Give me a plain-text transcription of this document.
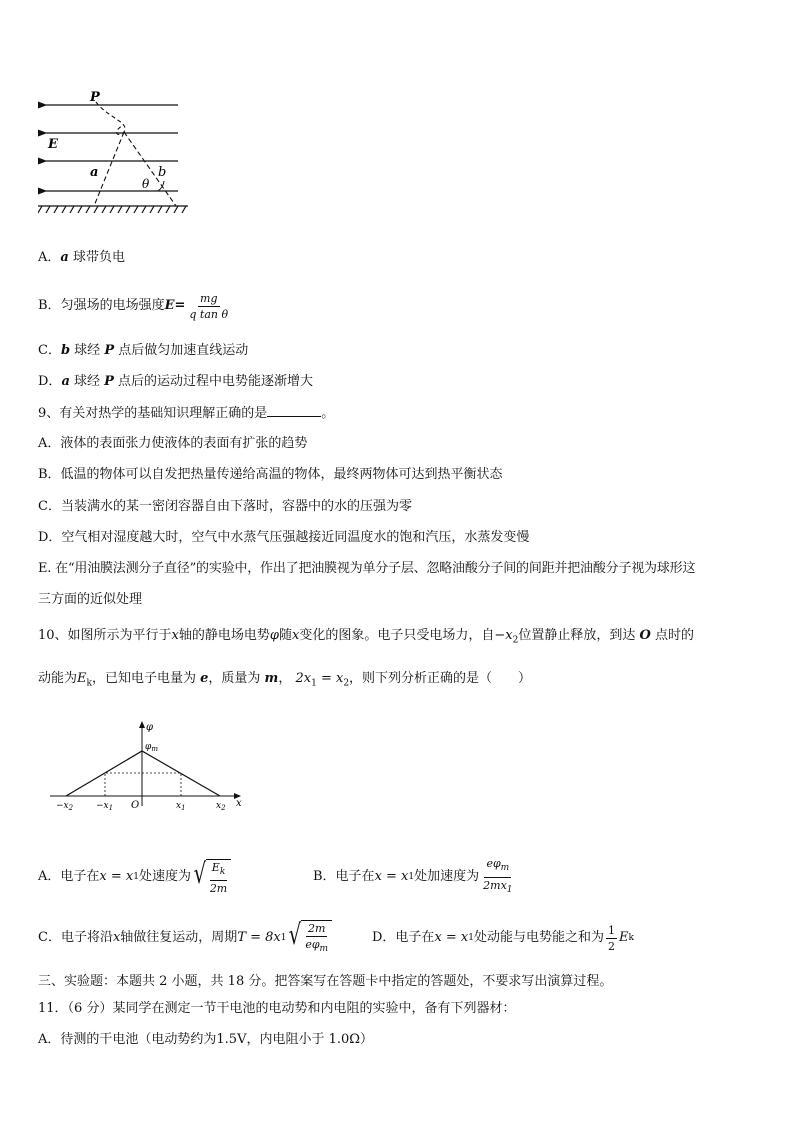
P
E
a	b
θ
A．a 球带负电
B． 匀强场的电场强度 $E= \frac{mg}{\text{q tan θ}}$
C．b 球经 P 点后做匀加速直线运动
D．a 球经 P 点后的运动过程中电势能逐渐增大
9、有关对热学的基础知识理解正确的是	。
A．液体的表面张力使液体的表面有扩张的趋势
B．低温的物体可以自发把热量传递给高温的物体，最终两物体可达到热平衡状态
C．当装满水的某一密闭容器自由下落时，容器中的水的压强为零
D．空气相对湿度越大时，空气中水蒸气压强越接近同温度水的饱和汽压，水蒸发变慢
E. 在“用油膜法测分子直径”的实验中，作出了把油膜视为单分子层、忽略油酸分子间的间距并把油酸分子视为球形这
三方面的近似处理
10、如图所示为平行于x轴的静电场电势φ随x变化的图象。电子只受电场力，自$-x_2$位置静止释放，到达 O 点时的
动能为$E_k$，已知电子电量为 e，质量为 m， $2x_1 = x_2$，则下列分析正确的是（　　）
φ
$\varphi_m$
$-x_2$	$-x_1$ O	$x_1$	$x_2$ x
A．电子在 x = x 1 处速度为 √ $\frac{E_k}{2m}$	B．电子在 x = x 1 处加速度为 $\frac{e\varphi_m}{2mx_1}$
C．电子将沿 x 轴做往复运动，周期 T = 8x 1 √ $\frac{2m}{e\varphi_m}$	D．电子在 x = x 1 处动能与电势能之和为 $\frac{1}{2}$ E k
三、实验题：本题共 2 小题，共 18 分。把答案写在答题卡中指定的答题处，不要求写出演算过程。
11．（6 分）某同学在测定一节干电池的电动势和内电阻的实验中，备有下列器材：
A．待测的干电池（电动势约为1.5V，内电阻小于 1.0Ω）
